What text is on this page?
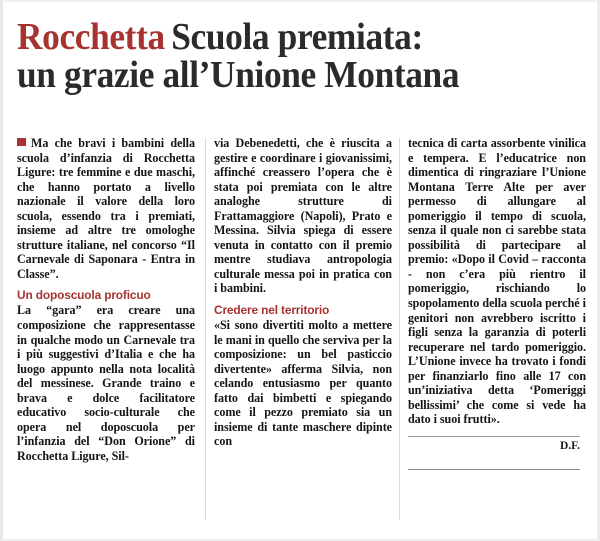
Rocchetta Scuola premiata:
un grazie all’Unione Montana

Ma che bravi i bambini della scuola d’infanzia di Rocchetta Ligure: tre femmine e due maschi, che hanno portato a livello nazionale il valore della loro scuola, essendo tra i premiati, insieme ad altre tre omologhe strutture italiane, nel concorso “Il Carnevale di Saponara - Entra in Classe”.

Un doposcuola proficuo

La “gara” era creare una composizione che rappresentasse in qualche modo un Carnevale tra i più suggestivi d’Italia e che ha luogo appunto nella nota località del messinese. Grande traino e brava e dolce facilitatore educativo socio-culturale che opera nel doposcuola per l’infanzia del “Don Orione” di Rocchetta Ligure, Sil-

via Debenedetti, che è riuscita a gestire e coordinare i giovanissimi, affinché creassero l’opera che è stata poi premiata con le altre analoghe strutture di Frattamaggiore (Napoli), Prato e Messina. Silvia spiega di essere venuta in contatto con il premio mentre studiava antropologia culturale messa poi in pratica con i bambini.

Credere nel territorio

«Si sono divertiti molto a mettere le mani in quello che serviva per la composizione: un bel pasticcio divertente» afferma Silvia, non celando entusiasmo per quanto fatto dai bimbetti e spiegando come il pezzo premiato sia un insieme di tante maschere dipinte con

tecnica di carta assorbente vinilica e tempera. E l’educatrice non dimentica di ringraziare l’Unione Montana Terre Alte per aver permesso di allungare al pomeriggio il tempo di scuola, senza il quale non ci sarebbe stata possibilità di partecipare al premio: «Dopo il Covid – racconta - non c’era più rientro il pomeriggio, rischiando lo spopolamento della scuola perché i genitori non avrebbero iscritto i figli senza la garanzia di poterli recuperare nel tardo pomeriggio. L’Unione invece ha trovato i fondi per finanziarlo fino alle 17 con un’iniziativa detta ‘Pomeriggi bellissimi’ che come si vede ha dato i suoi frutti».

D.F.
